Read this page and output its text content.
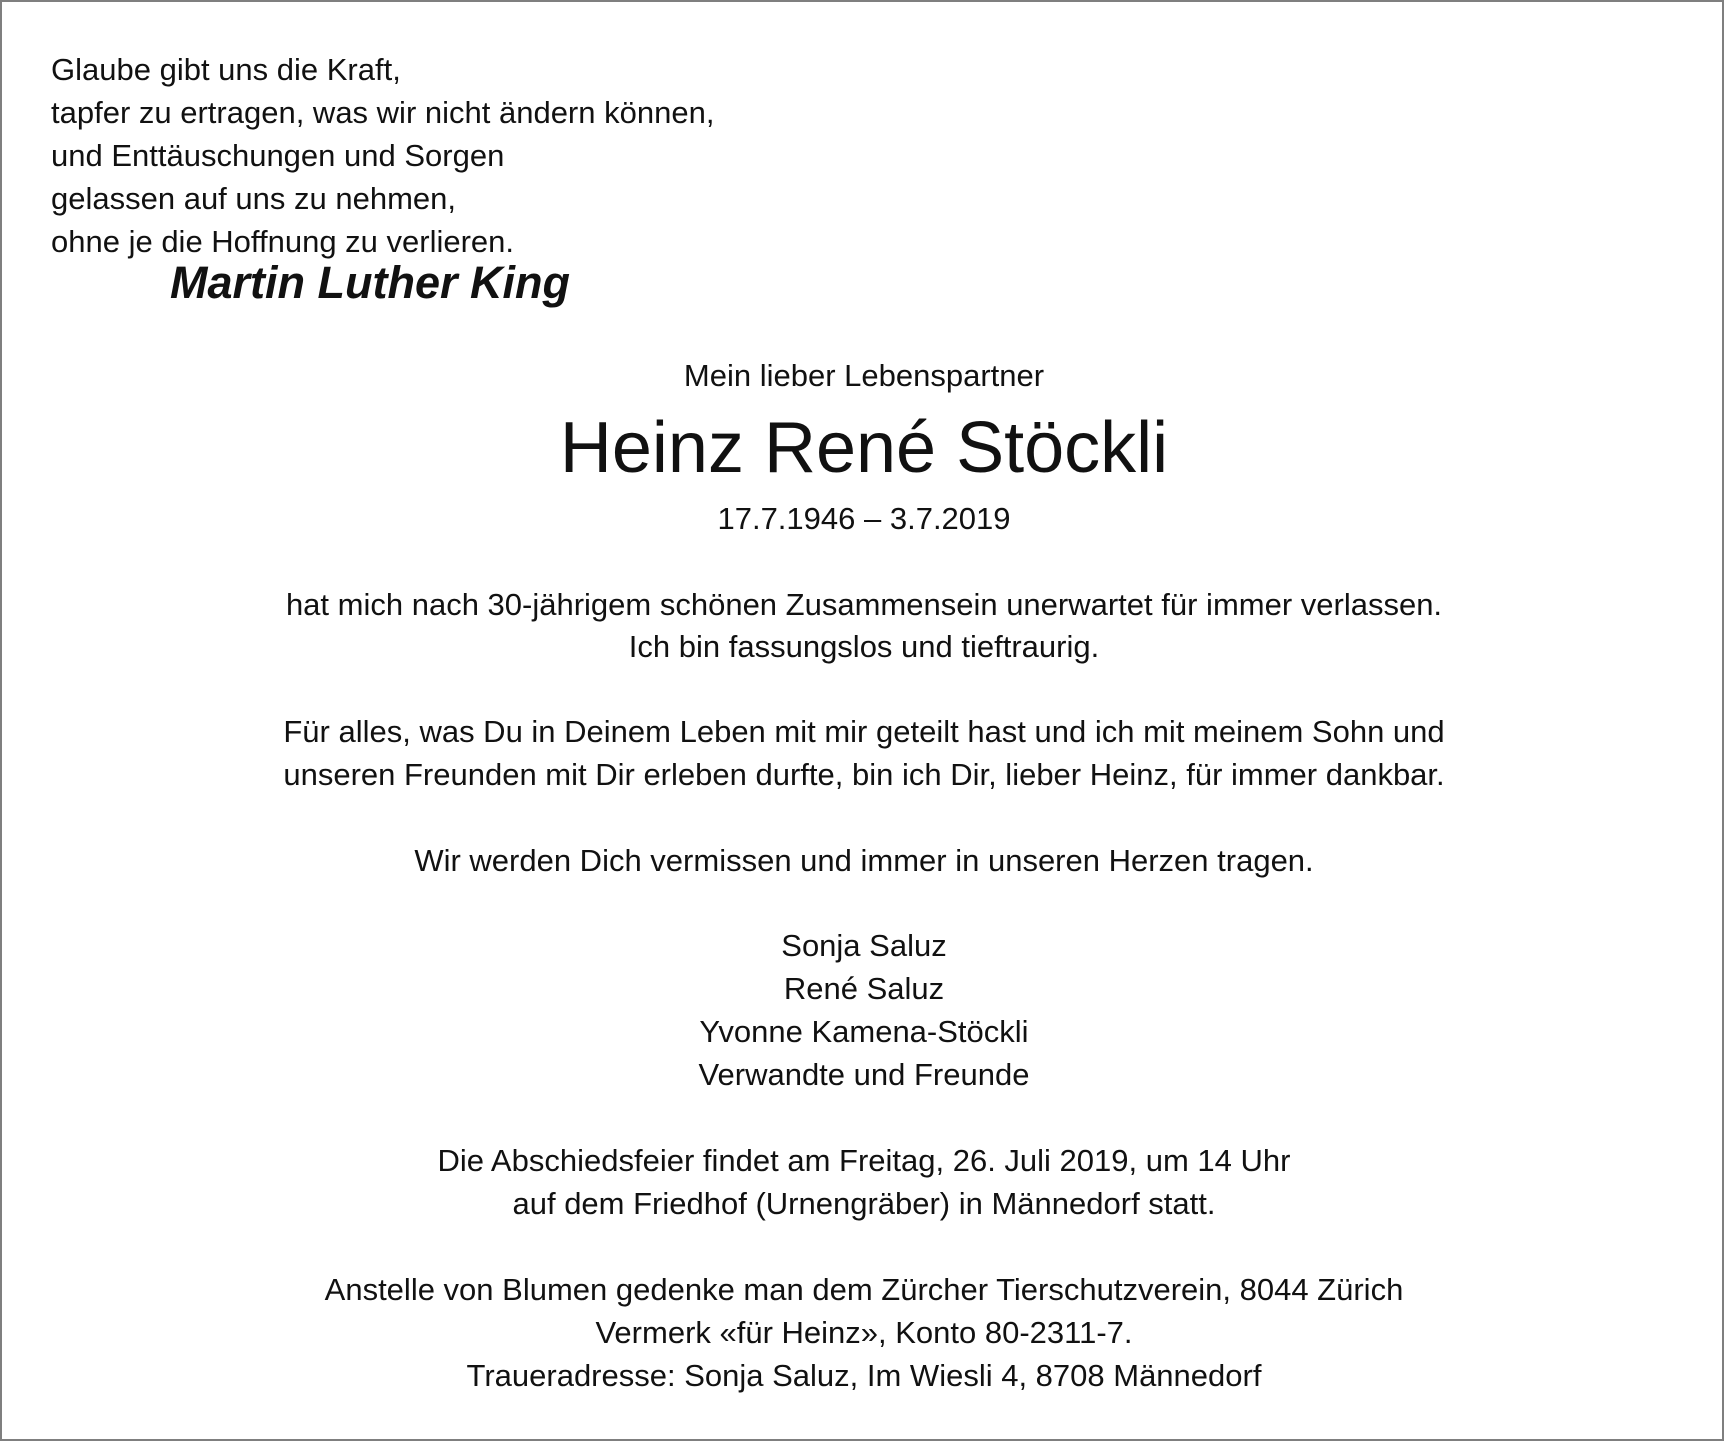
Glaube gibt uns die Kraft,
tapfer zu ertragen, was wir nicht ändern können,
und Enttäuschungen und Sorgen
gelassen auf uns zu nehmen,
ohne je die Hoffnung zu verlieren.
Martin Luther King
Mein lieber Lebenspartner
Heinz René Stöckli
17.7.1946 – 3.7.2019
hat mich nach 30-jährigem schönen Zusammensein unerwartet für immer verlassen.
Ich bin fassungslos und tieftraurig.
Für alles, was Du in Deinem Leben mit mir geteilt hast und ich mit meinem Sohn und
unseren Freunden mit Dir erleben durfte, bin ich Dir, lieber Heinz, für immer dankbar.
Wir werden Dich vermissen und immer in unseren Herzen tragen.
Sonja Saluz
René Saluz
Yvonne Kamena-Stöckli
Verwandte und Freunde
Die Abschiedsfeier findet am Freitag, 26. Juli 2019, um 14 Uhr
auf dem Friedhof (Urnengräber) in Männedorf statt.
Anstelle von Blumen gedenke man dem Zürcher Tierschutzverein, 8044 Zürich
Vermerk «für Heinz», Konto 80-2311-7.
Traueradresse: Sonja Saluz, Im Wiesli 4, 8708 Männedorf
